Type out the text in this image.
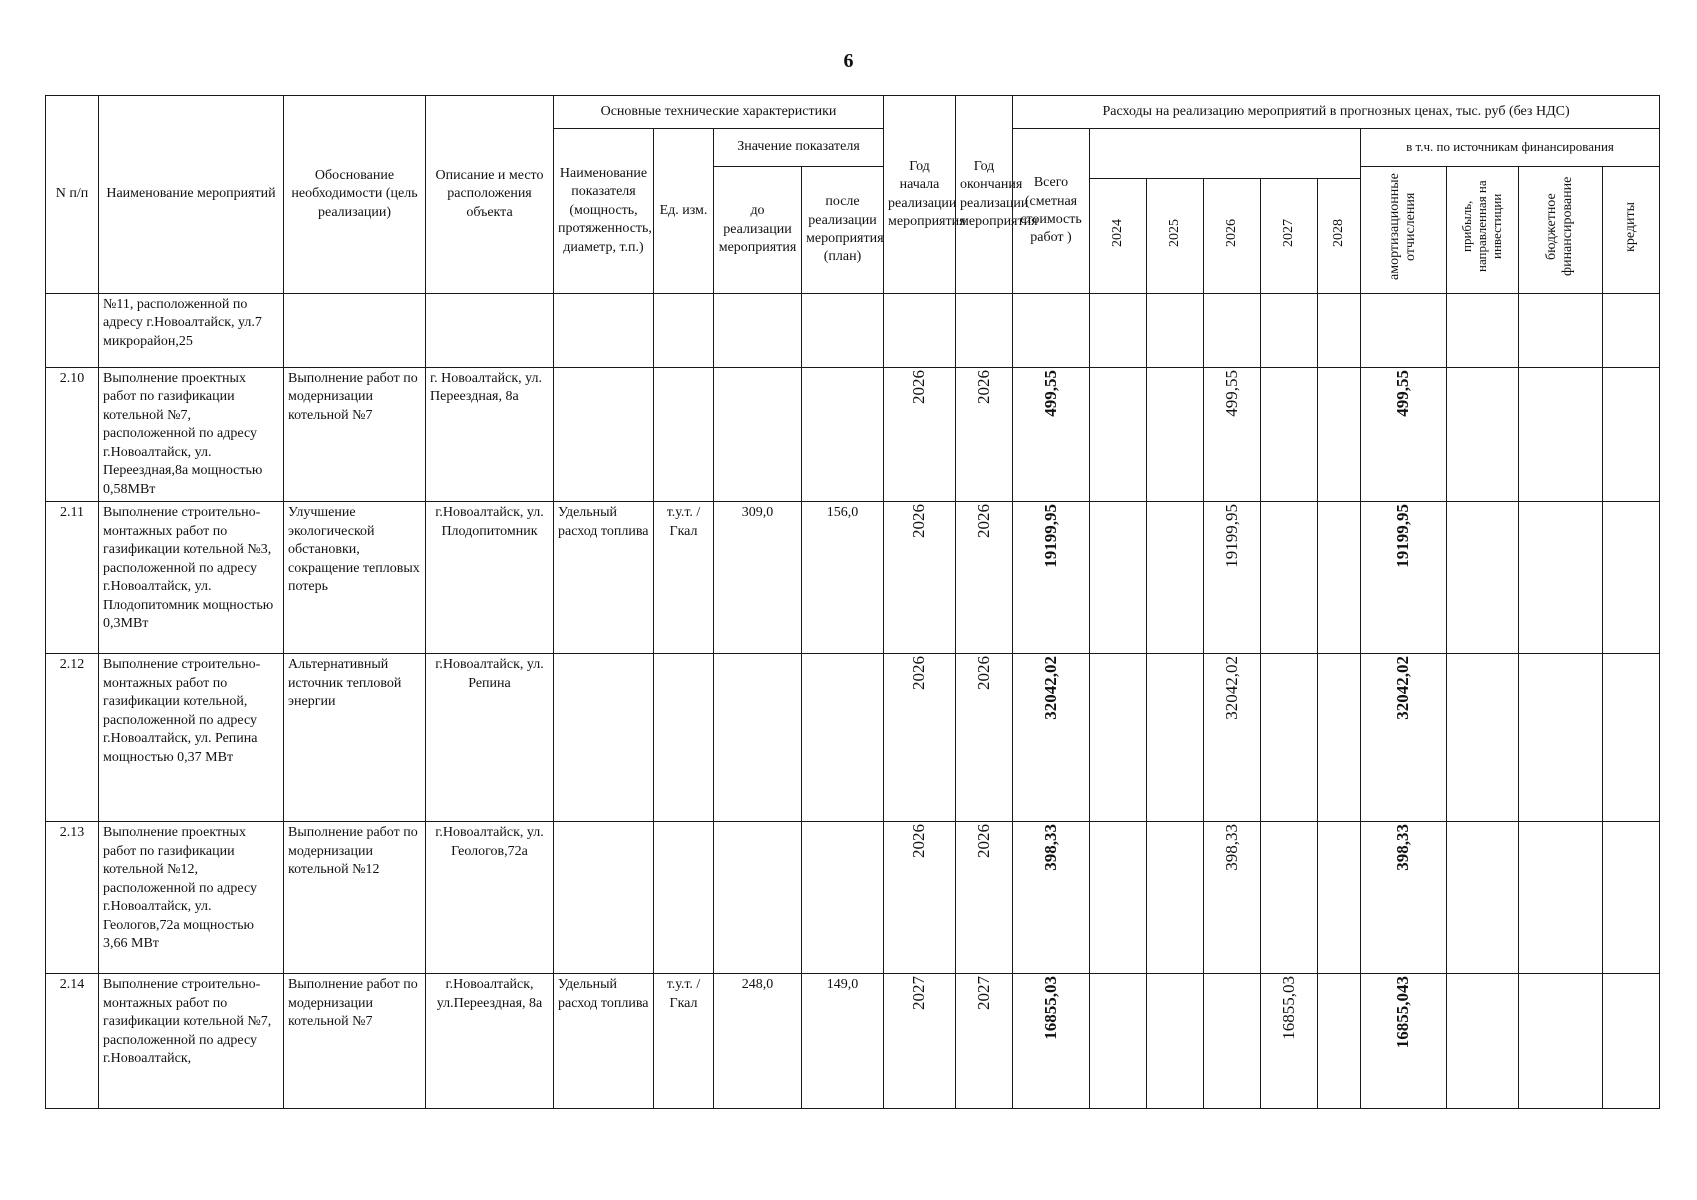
6
N п/п	Наименование мероприятий	Обоснование необходимости (цель реализации)	Описание и место расположения объекта	Основные технические характеристики				Год начала реализации мероприятия	Год окончания реализации мероприятия	Расходы на реализацию мероприятий в прогнозных ценах, тыс. руб (без НДС)									
				Наименование показателя (мощность, протяженность, диаметр, т.п.)	Ед. изм.	Значение показателя				Всего (сметная стоимость работ )						в т.ч. по источникам финансирования			
						до реализации мероприятия	после реализации мероприятия (план)									амортизационные отчисления	прибыль, направленная на инвестиции	бюджетное финансирование	кредиты
											2024	2025	2026	2027	2028				
	№11, расположенной по адресу г.Новоалтайск, ул.7 микрорайон,25																		
2.10	Выполнение проектных работ по газификации котельной №7, расположенной по адресу г.Новоалтайск, ул. Переездная,8а мощностью 0,58МВт	Выполнение работ по модернизации котельной №7	г. Новоалтайск, ул. Переездная, 8а					2026	2026	499,55			499,55			499,55			
2.11	Выполнение строительно-монтажных работ по газификации котельной №3, расположенной по адресу г.Новоалтайск, ул. Плодопитомник мощностью 0,3МВт	Улучшение экологической обстановки, сокращение тепловых потерь	г.Новоалтайск, ул. Плодопитомник	Удельный расход топлива	т.у.т. /Гкал	309,0	156,0	2026	2026	19199,95			19199,95			19199,95			
2.12	Выполнение строительно-монтажных работ по газификации котельной, расположенной по адресу г.Новоалтайск, ул. Репина мощностью 0,37 МВт	Альтернативный источник тепловой энергии	г.Новоалтайск, ул. Репина					2026	2026	32042,02			32042,02			32042,02			
2.13	Выполнение проектных работ по газификации котельной №12, расположенной по адресу г.Новоалтайск, ул. Геологов,72а мощностью 3,66 МВт	Выполнение работ по модернизации котельной №12	г.Новоалтайск, ул. Геологов,72а					2026	2026	398,33			398,33			398,33			
2.14	Выполнение строительно-монтажных работ по газификации котельной №7, расположенной по адресу г.Новоалтайск,	Выполнение работ по модернизации котельной №7	г.Новоалтайск, ул.Переездная, 8а	Удельный расход топлива	т.у.т. /Гкал	248,0	149,0	2027	2027	16855,03				16855,03		16855,043			
